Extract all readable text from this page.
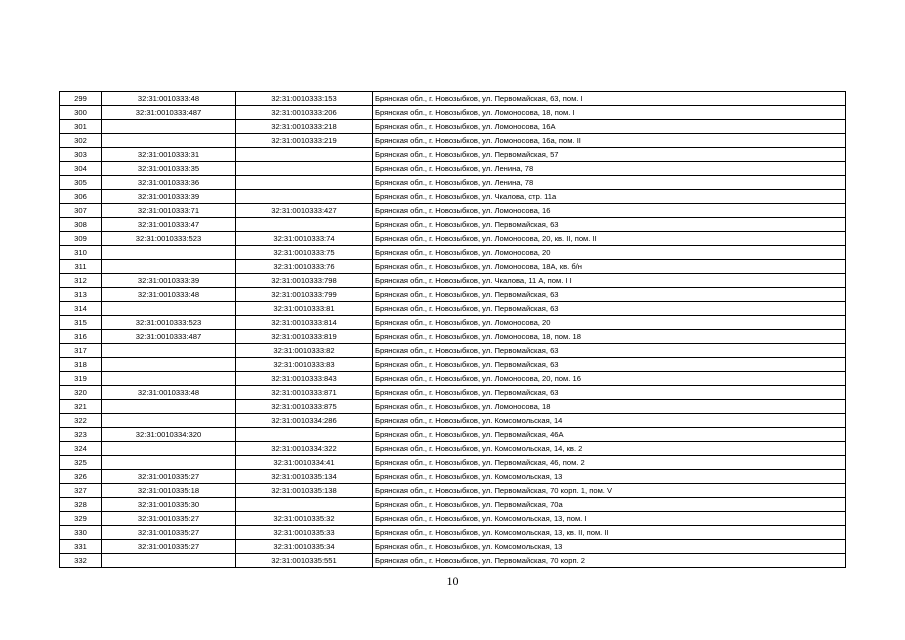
299	32:31:0010333:48	32:31:0010333:153	Брянская обл., г. Новозыбков, ул. Первомайская, 63, пом. I
300	32:31:0010333:487	32:31:0010333:206	Брянская обл., г. Новозыбков, ул. Ломоносова, 18, пом. I
301		32:31:0010333:218	Брянская обл., г. Новозыбков, ул. Ломоносова, 16А
302		32:31:0010333:219	Брянская обл., г. Новозыбков, ул. Ломоносова, 16а, пом. II
303	32:31:0010333:31		Брянская обл., г. Новозыбков, ул. Первомайская, 57
304	32:31:0010333:35		Брянская обл., г. Новозыбков, ул. Ленина, 78
305	32:31:0010333:36		Брянская обл., г. Новозыбков, ул. Ленина, 78
306	32:31:0010333:39		Брянская обл., г. Новозыбков, ул. Чкалова, стр. 11а
307	32:31:0010333:71	32:31:0010333:427	Брянская обл., г. Новозыбков, ул. Ломоносова, 16
308	32:31:0010333:47		Брянская обл., г. Новозыбков, ул. Первомайская, 63
309	32:31:0010333:523	32:31:0010333:74	Брянская обл., г. Новозыбков, ул. Ломоносова, 20, кв. II, пом. II
310		32:31:0010333:75	Брянская обл., г. Новозыбков, ул. Ломоносова, 20
311		32:31:0010333:76	Брянская обл., г. Новозыбков, ул. Ломоносова, 18А, кв. б/н
312	32:31:0010333:39	32:31:0010333:798	Брянская обл., г. Новозыбков, ул. Чкалова, 11 А, пом. I I
313	32:31:0010333:48	32:31:0010333:799	Брянская обл., г. Новозыбков, ул. Первомайская, 63
314		32:31:0010333:81	Брянская обл., г. Новозыбков, ул. Первомайская, 63
315	32:31:0010333:523	32:31:0010333:814	Брянская обл., г. Новозыбков, ул. Ломоносова, 20
316	32:31:0010333:487	32:31:0010333:819	Брянская обл., г. Новозыбков, ул. Ломоносова, 18, пом. 18
317		32:31:0010333:82	Брянская обл., г. Новозыбков, ул. Первомайская, 63
318		32:31:0010333:83	Брянская обл., г. Новозыбков, ул. Первомайская, 63
319		32:31:0010333:843	Брянская обл., г. Новозыбков, ул. Ломоносова, 20, пом. 16
320	32:31:0010333:48	32:31:0010333:871	Брянская обл., г. Новозыбков, ул. Первомайская, 63
321		32:31:0010333:875	Брянская обл., г. Новозыбков, ул. Ломоносова, 18
322		32:31:0010334:286	Брянская обл., г. Новозыбков, ул. Комсомольская, 14
323	32:31:0010334:320		Брянская обл., г. Новозыбков, ул. Первомайская, 46А
324		32:31:0010334:322	Брянская обл., г. Новозыбков, ул. Комсомольская, 14, кв. 2
325		32:31:0010334:41	Брянская обл., г. Новозыбков, ул. Первомайская, 46, пом. 2
326	32:31:0010335:27	32:31:0010335:134	Брянская обл., г. Новозыбков, ул. Комсомольская, 13
327	32:31:0010335:18	32:31:0010335:138	Брянская обл., г. Новозыбков, ул. Первомайская, 70 корп. 1, пом. V
328	32:31:0010335:30		Брянская обл., г. Новозыбков, ул. Первомайская, 70а
329	32:31:0010335:27	32:31:0010335:32	Брянская обл., г. Новозыбков, ул. Комсомольская, 13, пом. I
330	32:31:0010335:27	32:31:0010335:33	Брянская обл., г. Новозыбков, ул. Комсомольская, 13, кв. II, пом. II
331	32:31:0010335:27	32:31:0010335:34	Брянская обл., г. Новозыбков, ул. Комсомольская, 13
332		32:31:0010335:551	Брянская обл., г. Новозыбков, ул. Первомайская, 70 корп. 2
10
